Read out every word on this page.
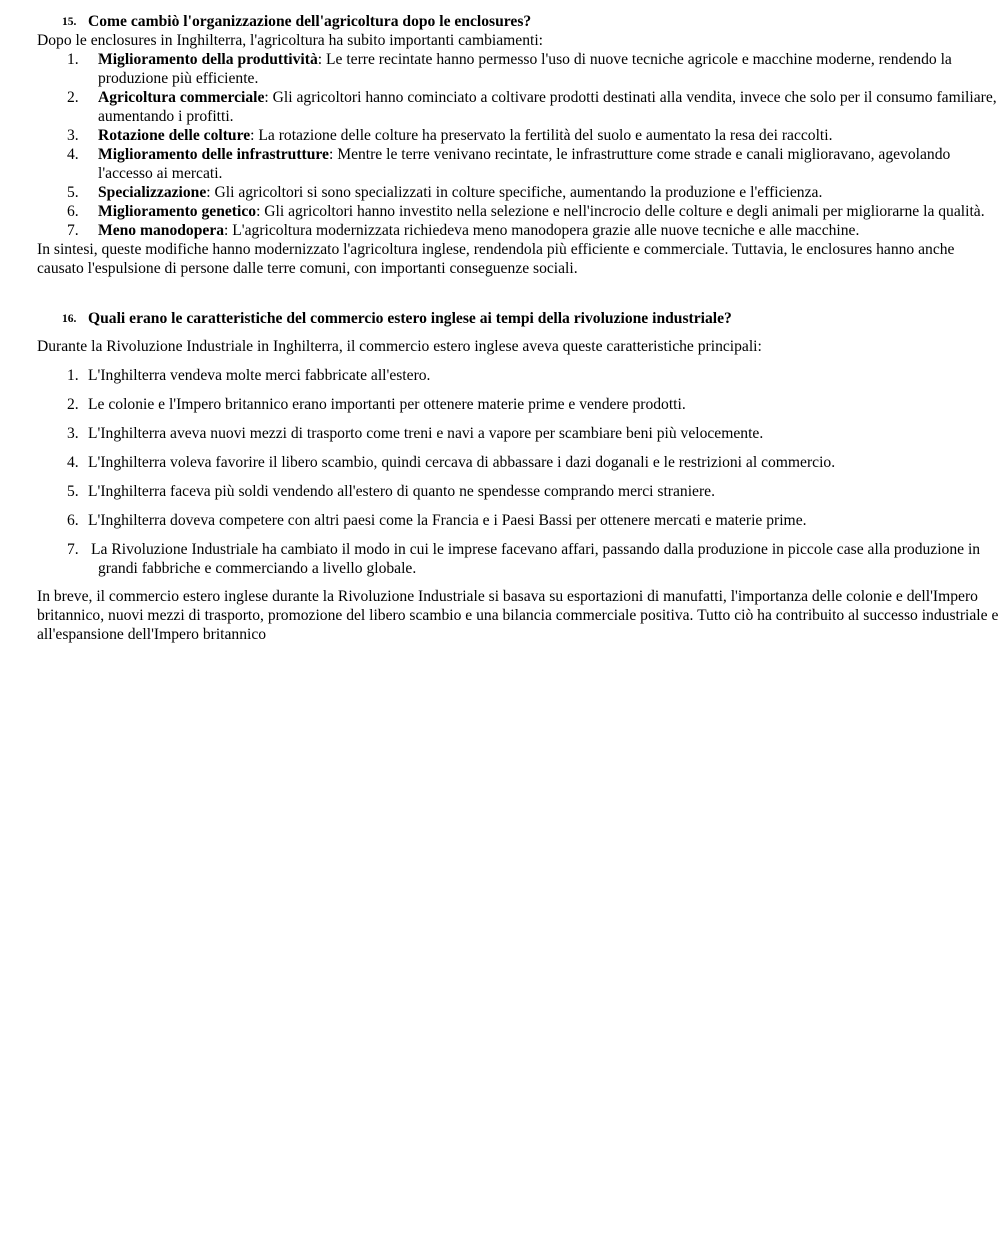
15. Come cambiò l'organizzazione dell'agricoltura dopo le enclosures?

Dopo le enclosures in Inghilterra, l'agricoltura ha subito importanti cambiamenti:

1.	Miglioramento della produttività: Le terre recintate hanno permesso l'uso di nuove tecniche agricole e macchine moderne, rendendo la produzione più efficiente.
2.	Agricoltura commerciale: Gli agricoltori hanno cominciato a coltivare prodotti destinati alla vendita, invece che solo per il consumo familiare, aumentando i profitti.
3.	Rotazione delle colture: La rotazione delle colture ha preservato la fertilità del suolo e aumentato la resa dei raccolti.
4.	Miglioramento delle infrastrutture: Mentre le terre venivano recintate, le infrastrutture come strade e canali miglioravano, agevolando l'accesso ai mercati.
5.	Specializzazione: Gli agricoltori si sono specializzati in colture specifiche, aumentando la produzione e l'efficienza.
6.	Miglioramento genetico: Gli agricoltori hanno investito nella selezione e nell'incrocio delle colture e degli animali per migliorarne la qualità.
7.	Meno manodopera: L'agricoltura modernizzata richiedeva meno manodopera grazie alle nuove tecniche e alle macchine.

In sintesi, queste modifiche hanno modernizzato l'agricoltura inglese, rendendola più efficiente e commerciale. Tuttavia, le enclosures hanno anche causato l'espulsione di persone dalle terre comuni, con importanti conseguenze sociali.

16. Quali erano le caratteristiche del commercio estero inglese ai tempi della rivoluzione industriale?

Durante la Rivoluzione Industriale in Inghilterra, il commercio estero inglese aveva queste caratteristiche principali:

1. L'Inghilterra vendeva molte merci fabbricate all'estero.
2. Le colonie e l'Impero britannico erano importanti per ottenere materie prime e vendere prodotti.
3. L'Inghilterra aveva nuovi mezzi di trasporto come treni e navi a vapore per scambiare beni più velocemente.
4. L'Inghilterra voleva favorire il libero scambio, quindi cercava di abbassare i dazi doganali e le restrizioni al commercio.
5. L'Inghilterra faceva più soldi vendendo all'estero di quanto ne spendesse comprando merci straniere.
6. L'Inghilterra doveva competere con altri paesi come la Francia e i Paesi Bassi per ottenere mercati e materie prime.
7. La Rivoluzione Industriale ha cambiato il modo in cui le imprese facevano affari, passando dalla produzione in piccole case alla produzione in grandi fabbriche e commerciando a livello globale.

In breve, il commercio estero inglese durante la Rivoluzione Industriale si basava su esportazioni di manufatti, l'importanza delle colonie e dell'Impero britannico, nuovi mezzi di trasporto, promozione del libero scambio e una bilancia commerciale positiva. Tutto ciò ha contribuito al successo industriale e all'espansione dell'Impero britannico
